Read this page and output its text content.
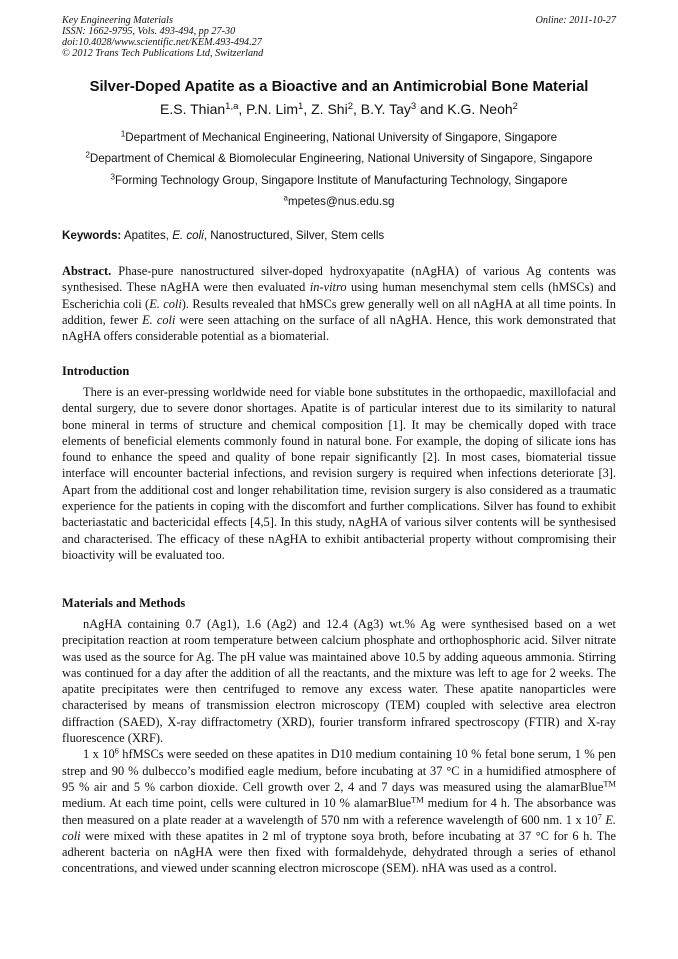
Key Engineering Materials
ISSN: 1662-9795, Vols. 493-494, pp 27-30
doi:10.4028/www.scientific.net/KEM.493-494.27
© 2012 Trans Tech Publications Ltd, Switzerland
Online: 2011-10-27
Silver-Doped Apatite as a Bioactive and an Antimicrobial Bone Material
E.S. Thian$^{1,a}$, P.N. Lim$^1$, Z. Shi$^2$, B.Y. Tay$^3$ and K.G. Neoh$^2$
$^1$Department of Mechanical Engineering, National University of Singapore, Singapore
$^2$Department of Chemical & Biomolecular Engineering, National University of Singapore, Singapore
$^3$Forming Technology Group, Singapore Institute of Manufacturing Technology, Singapore
$^a$mpetes@nus.edu.sg
Keywords: Apatites, E. coli, Nanostructured, Silver, Stem cells

Abstract. Phase-pure nanostructured silver-doped hydroxyapatite (nAgHA) of various Ag contents was synthesised. These nAgHA were then evaluated in-vitro using human mesenchymal stem cells (hMSCs) and Escherichia coli (E. coli). Results revealed that hMSCs grew generally well on all nAgHA at all time points. In addition, fewer E. coli were seen attaching on the surface of all nAgHA. Hence, this work demonstrated that nAgHA offers considerable potential as a biomaterial.

Introduction

There is an ever-pressing worldwide need for viable bone substitutes in the orthopaedic, maxillofacial and dental surgery, due to severe donor shortages. Apatite is of particular interest due to its similarity to natural bone mineral in terms of structure and chemical composition [1]. It may be chemically doped with trace elements of beneficial elements commonly found in natural bone. For example, the doping of silicate ions has found to enhance the speed and quality of bone repair significantly [2]. In most cases, biomaterial tissue interface will encounter bacterial infections, and revision surgery is required when infections deteriorate [3]. Apart from the additional cost and longer rehabilitation time, revision surgery is also considered as a traumatic experience for the patients in coping with the discomfort and further complications. Silver has found to exhibit bacteriastatic and bactericidal effects [4,5]. In this study, nAgHA of various silver contents will be synthesised and characterised. The efficacy of these nAgHA to exhibit antibacterial property without compromising their bioactivity will be evaluated too.

Materials and Methods

nAgHA containing 0.7 (Ag1), 1.6 (Ag2) and 12.4 (Ag3) wt.% Ag were synthesised based on a wet precipitation reaction at room temperature between calcium phosphate and orthophosphoric acid. Silver nitrate was used as the source for Ag. The pH value was maintained above 10.5 by adding aqueous ammonia. Stirring was continued for a day after the addition of all the reactants, and the mixture was left to age for 2 weeks. The apatite precipitates were then centrifuged to remove any excess water. These apatite nanoparticles were characterised by means of transmission electron microscopy (TEM) coupled with selective area electron diffraction (SAED), X-ray diffractometry (XRD), fourier transform infrared spectroscopy (FTIR) and X-ray fluorescence (XRF).

1 x $10^6$ hfMSCs were seeded on these apatites in D10 medium containing 10 % fetal bone serum, 1 % pen strep and 90 % dulbecco’s modified eagle medium, before incubating at 37 °C in a humidified atmosphere of 95 % air and 5 % carbon dioxide. Cell growth over 2, 4 and 7 days was measured using the alamarBlue™ medium. At each time point, cells were cultured in 10 % alamarBlue™ medium for 4 h. The absorbance was then measured on a plate reader at a wavelength of 570 nm with a reference wavelength of 600 nm. 1 x $10^7$ E. coli were mixed with these apatites in 2 ml of tryptone soya broth, before incubating at 37 °C for 6 h. The adherent bacteria on nAgHA were then fixed with formaldehyde, dehydrated through a series of ethanol concentrations, and viewed under scanning electron microscope (SEM). nHA was used as a control.
